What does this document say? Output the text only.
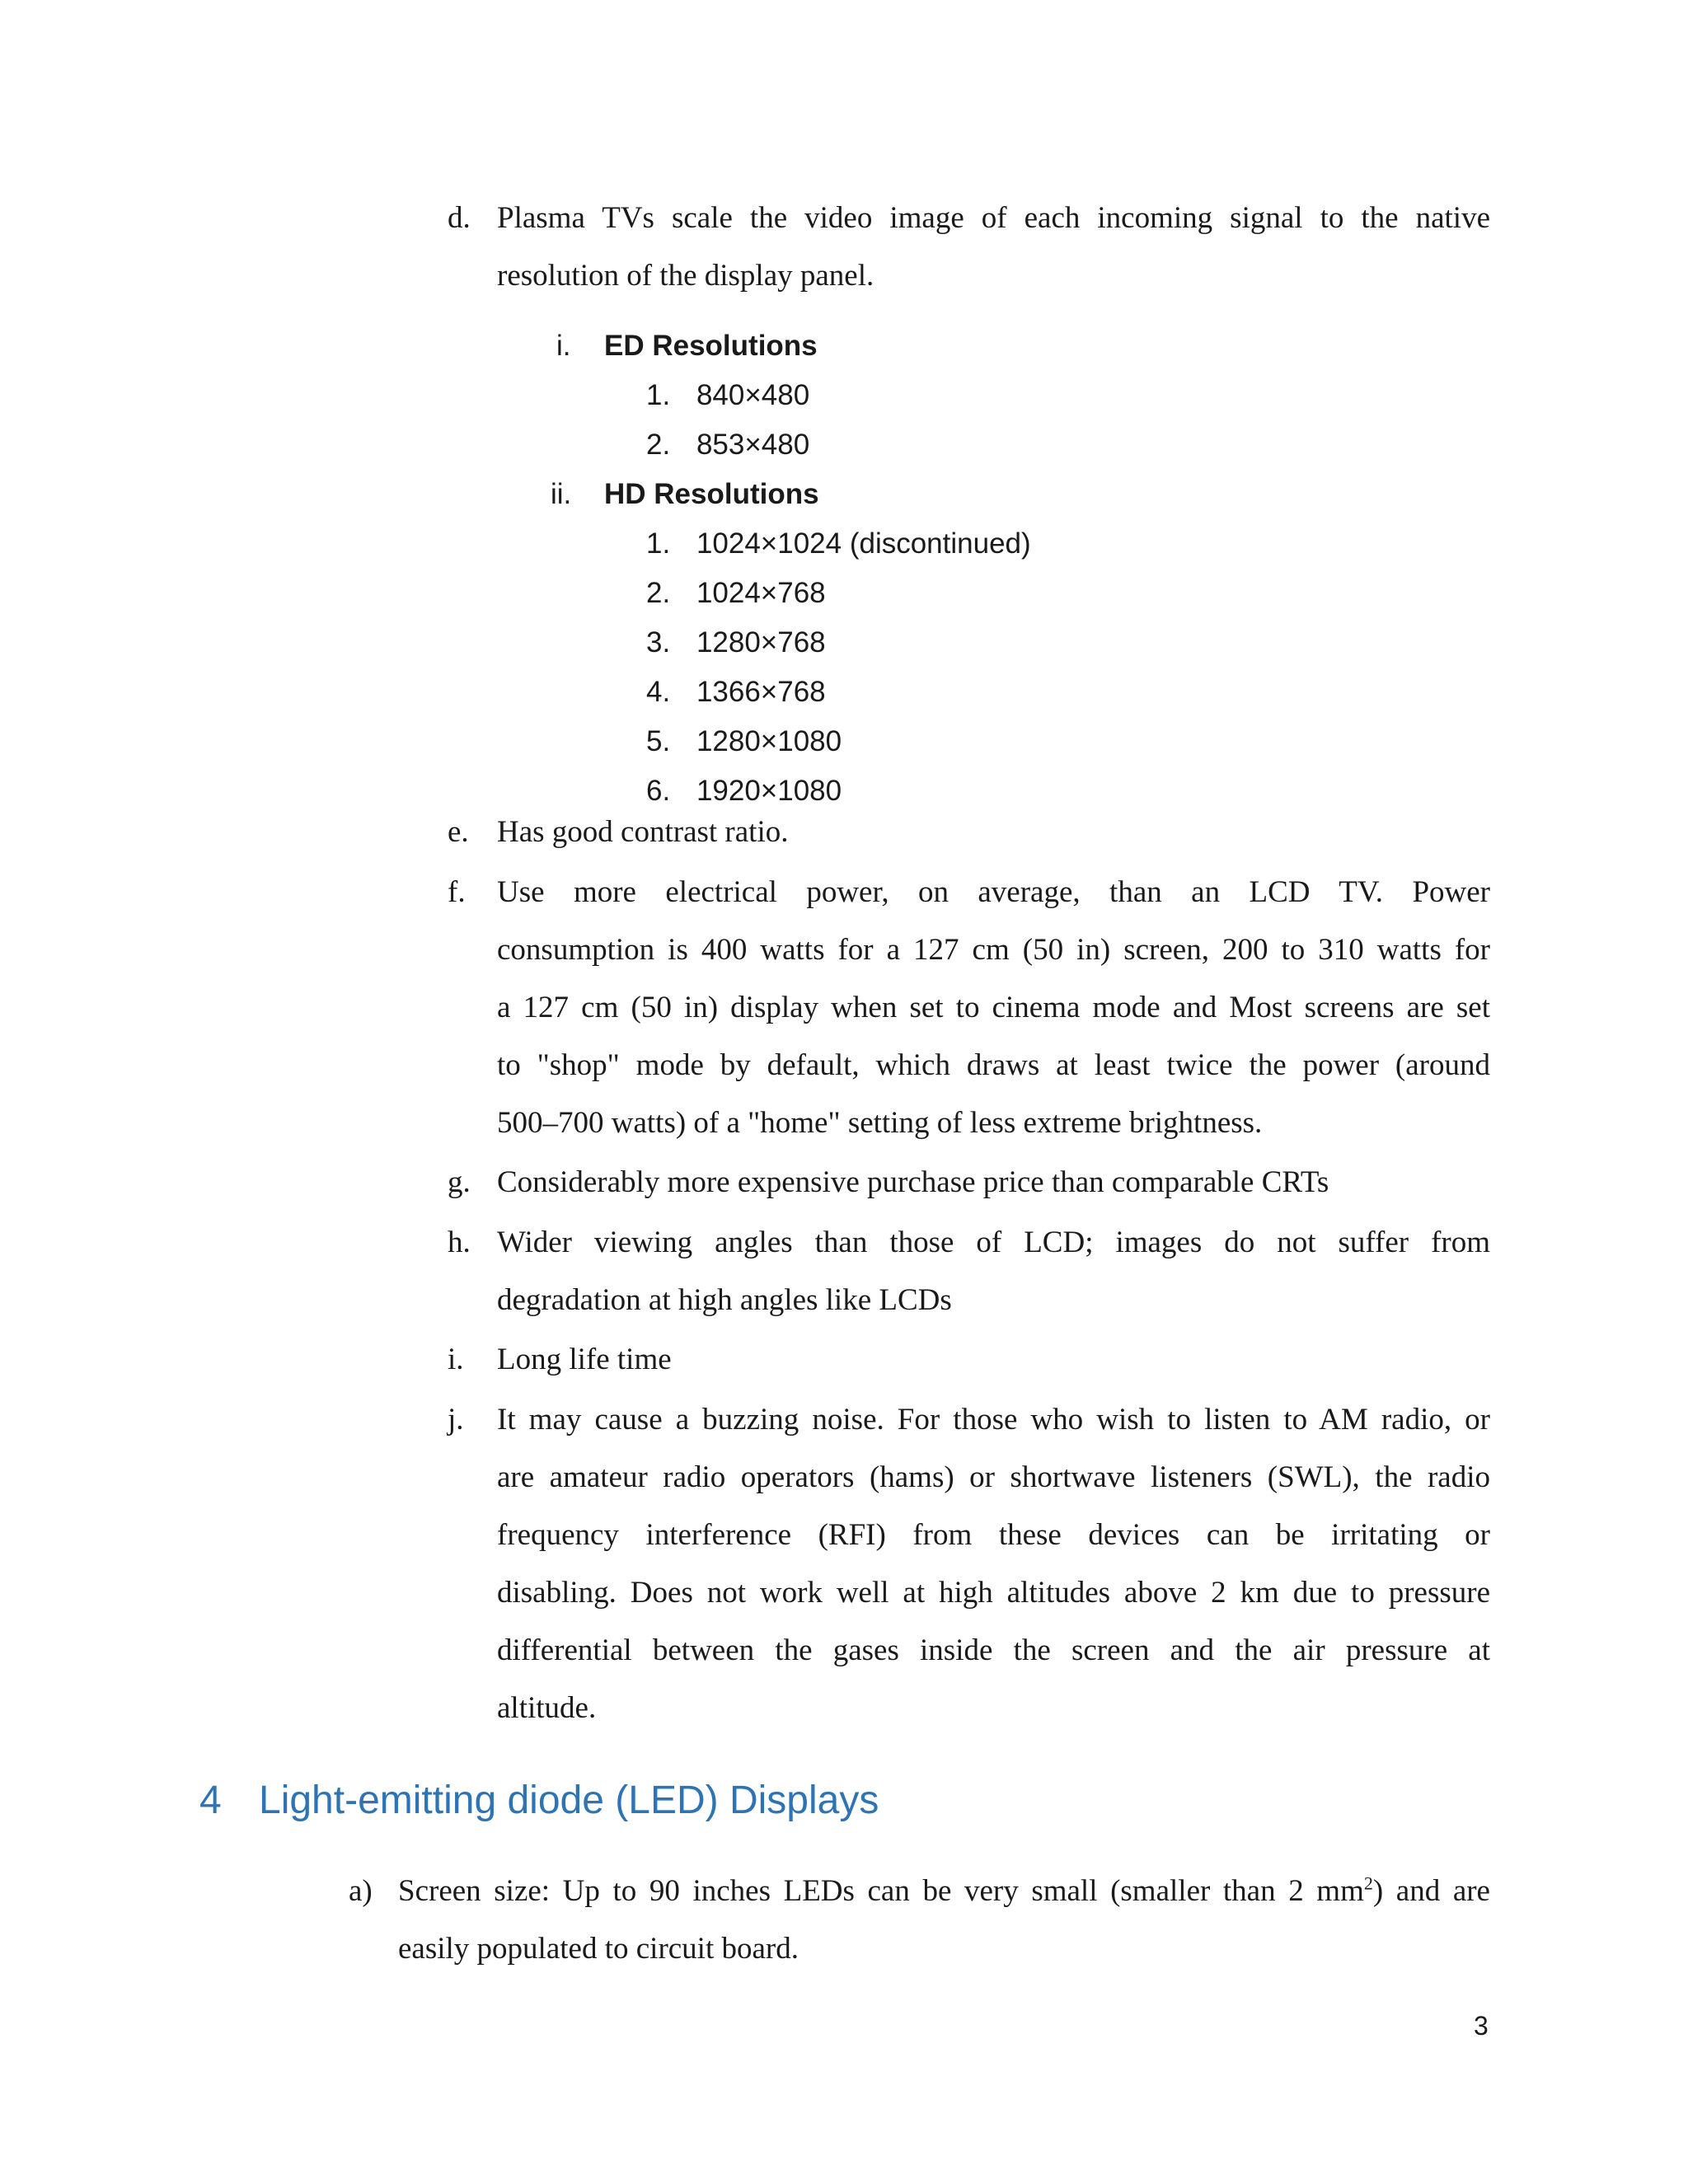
d. Plasma TVs scale the video image of each incoming signal to the native
resolution of the display panel.
i. ED Resolutions
1. 840×480
2. 853×480
ii. HD Resolutions
1. 1024×1024 (discontinued)
2. 1024×768
3. 1280×768
4. 1366×768
5. 1280×1080
6. 1920×1080
e. Has good contrast ratio.
f. Use more electrical power, on average, than an LCD TV. Power
consumption is 400 watts for a 127 cm (50 in) screen, 200 to 310 watts for
a 127 cm (50 in) display when set to cinema mode and Most screens are set
to "shop" mode by default, which draws at least twice the power (around
500–700 watts) of a "home" setting of less extreme brightness.
g. Considerably more expensive purchase price than comparable CRTs
h. Wider viewing angles than those of LCD; images do not suffer from
degradation at high angles like LCDs
i. Long life time
j. It may cause a buzzing noise. For those who wish to listen to AM radio, or
are amateur radio operators (hams) or shortwave listeners (SWL), the radio
frequency interference (RFI) from these devices can be irritating or
disabling. Does not work well at high altitudes above 2 km due to pressure
differential between the gases inside the screen and the air pressure at
altitude.
4 Light-emitting diode (LED) Displays
a) Screen size: Up to 90 inches LEDs can be very small (smaller than 2 $mm^2$) and are
easily populated to circuit board.
3
